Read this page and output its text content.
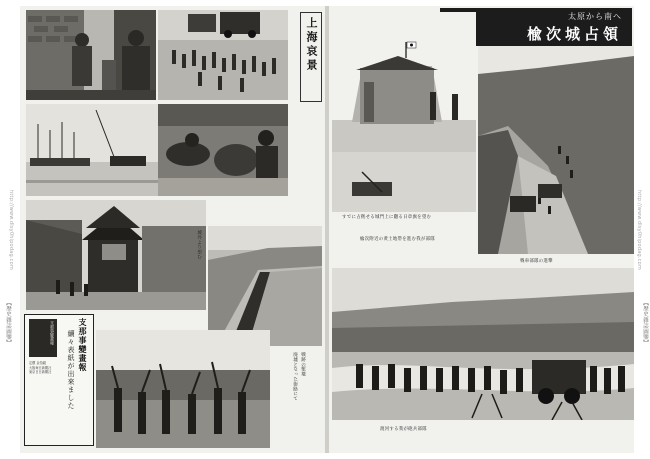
http://www.dlsy0hipodag.com
【歷史雜誌圖鑒】
http://www.dlsy0hipodag.com
【歷史雜誌圖鑒】
上海哀景
支那事變畫報
定價 金拾錢
大阪毎日新聞社
東京日日新聞社	支那事變畫報
續々表紙が出來ました	廃墟となった街路にて 戦跡の塹壕
城外より望む
太原から南へ
楡次城占領
すでに占拠せる城門上に翻る日章旗を望む
楡次附近の黄土地帯を進む我が部隊
渡河する我が砲兵部隊
戦車部隊の進撃
